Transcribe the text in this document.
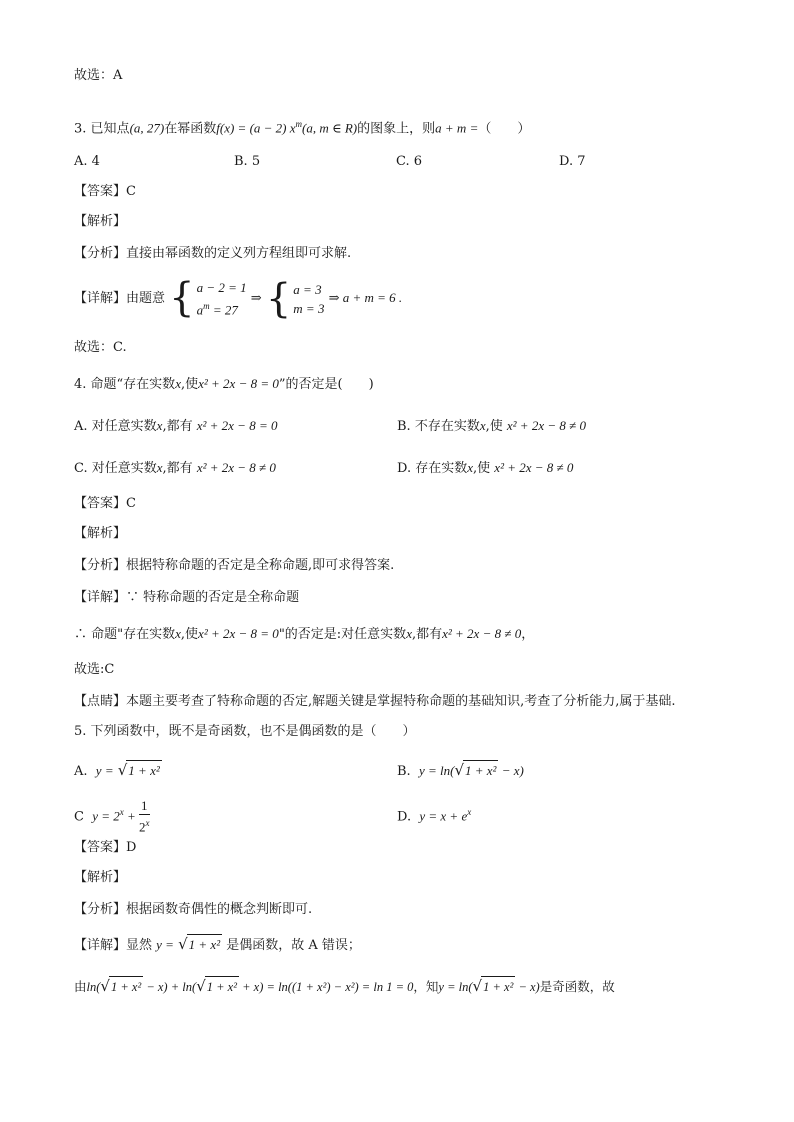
故选：A
3. 已知点(a, 27)在幂函数f(x) = (a − 2) $x^m(a$, m ∈ R)的图象上，则a + m =（　　）
A. 4	B. 5	C. 6	D. 7
【答案】C
【解析】
【分析】直接由幂函数的定义列方程组即可求解.
【详解】由题意 { a − 2 = 1
$a^m = 27$
⇒ { a = 3
m = 3
⇒ a + m = 6 .
故选：C.
4. 命题“存在实数x,使x² + 2x − 8 = 0”的否定是(　　)
A. 对任意实数x,都有 x² + 2x − 8 = 0	B. 不存在实数x,使 x² + 2x − 8 ≠ 0
C. 对任意实数x,都有 x² + 2x − 8 ≠ 0	D. 存在实数x,使 x² + 2x − 8 ≠ 0
【答案】C
【解析】
【分析】根据特称命题的否定是全称命题,即可求得答案.
【详解】∵ 特称命题的否定是全称命题
∴ 命题"存在实数x,使x² + 2x − 8 = 0"的否定是:对任意实数x,都有x² + 2x − 8 ≠ 0，
故选:C
【点睛】本题主要考查了特称命题的否定,解题关键是掌握特称命题的基础知识,考查了分析能力,属于基础.
5. 下列函数中，既不是奇函数，也不是偶函数的是（　　）
A. y = √1 + x²	B. y = ln(√1 + x² − x)
C $y = 2^x + \frac{1}{2^x}$	D. $y = x + e^x$
【答案】D
【解析】
【分析】根据函数奇偶性的概念判断即可.
【详解】显然 y = √1 + x² 是偶函数，故 A 错误；
由ln(√1 + x² − x) + ln(√1 + x² + x) = ln((1 + x²) − x²) = ln 1 = 0，知y = ln(√1 + x² − x)是奇函数，故
